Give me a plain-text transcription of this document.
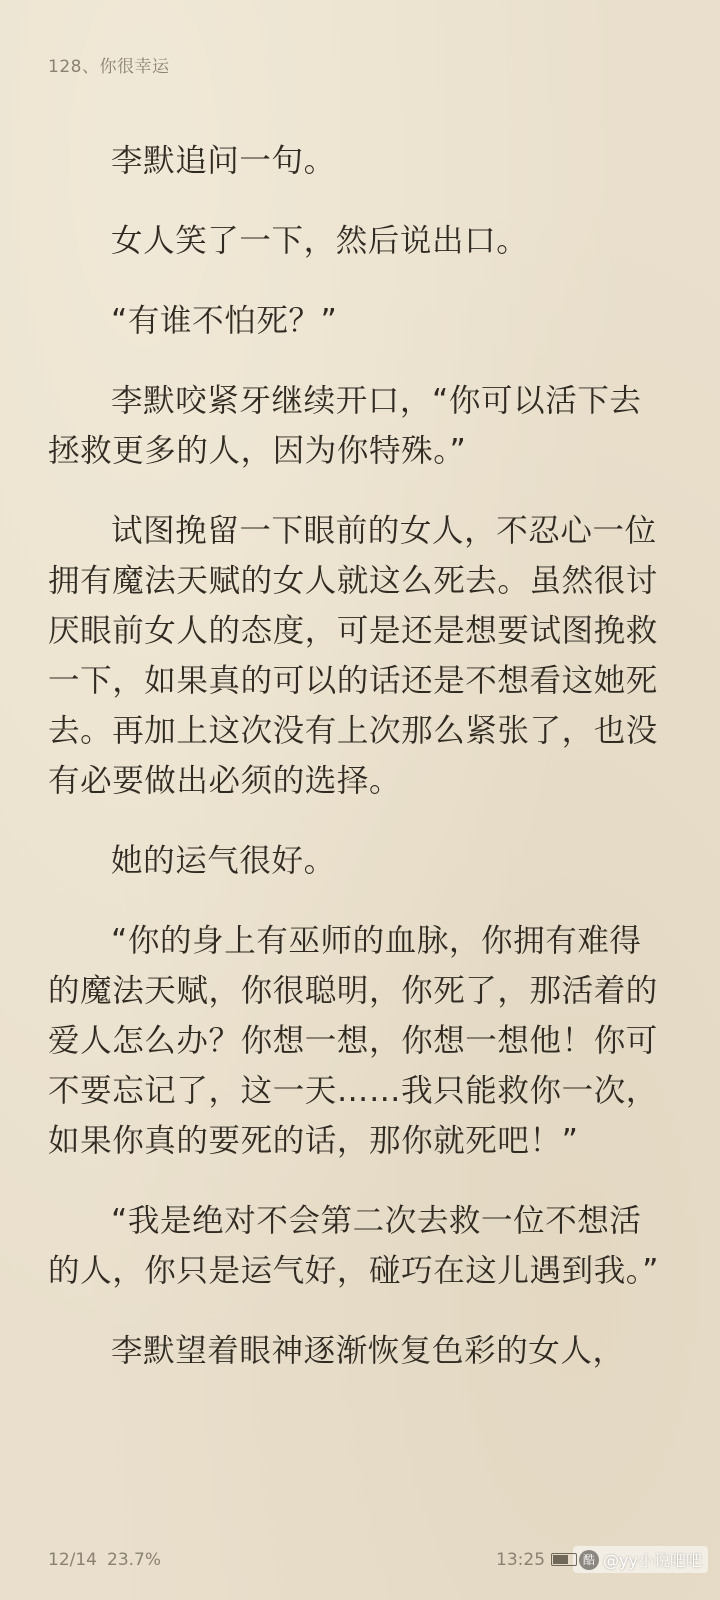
128、你很幸运

李默追问一句。

女人笑了一下，然后说出口。

“有谁不怕死？”

李默咬紧牙继续开口，“你可以活下去拯救更多的人，因为你特殊。”

试图挽留一下眼前的女人，不忍心一位拥有魔法天赋的女人就这么死去。虽然很讨厌眼前女人的态度，可是还是想要试图挽救一下，如果真的可以的话还是不想看这她死去。再加上这次没有上次那么紧张了，也没有必要做出必须的选择。

她的运气很好。

“你的身上有巫师的血脉，你拥有难得的魔法天赋，你很聪明，你死了，那活着的爱人怎么办？你想一想，你想一想他！你可不要忘记了，这一天……我只能救你一次，如果你真的要死的话，那你就死吧！”

“我是绝对不会第二次去救一位不想活的人，你只是运气好，碰巧在这儿遇到我。”

李默望着眼神逐渐恢复色彩的女人，

12/14 23.7%	13:25	酷 @yy小说吧吧
